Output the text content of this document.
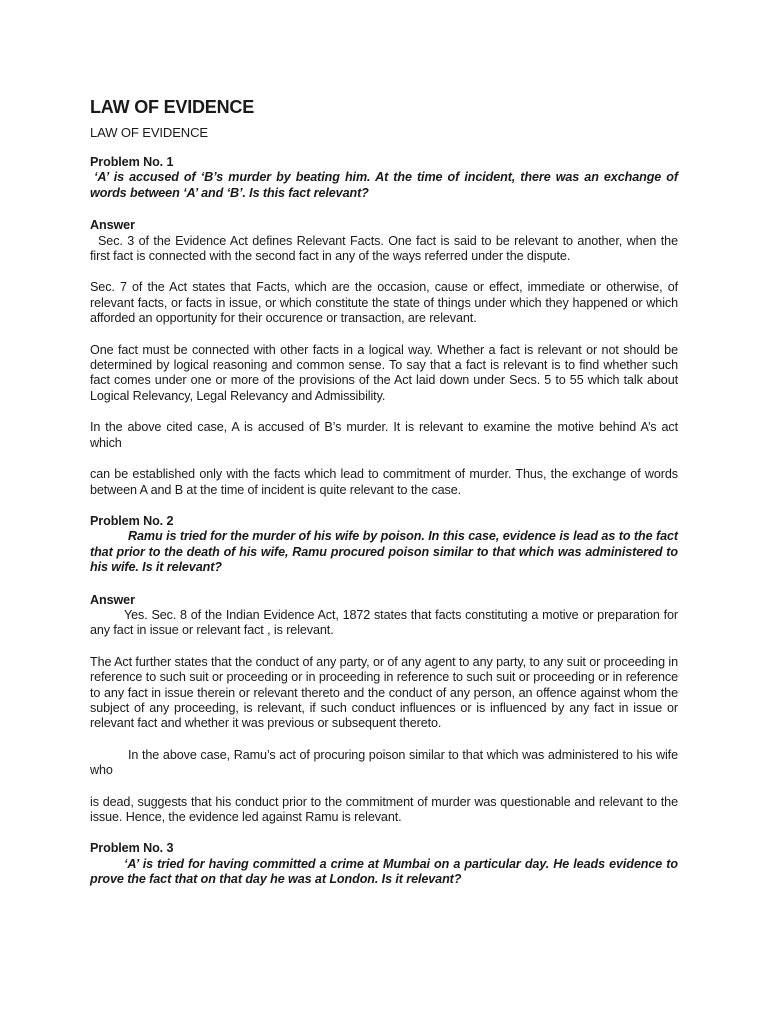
LAW OF EVIDENCE
LAW OF EVIDENCE
Problem No. 1

‘A’ is accused of ‘B’s murder by beating him. At the time of incident, there was an exchange of words between ‘A’ and ‘B’. Is this fact relevant?

Answer

Sec. 3 of the Evidence Act defines Relevant Facts. One fact is said to be relevant to another, when the first fact is connected with the second fact in any of the ways referred under the dispute.

Sec. 7 of the Act states that Facts, which are the occasion, cause or effect, immediate or otherwise, of relevant facts, or facts in issue, or which constitute the state of things under which they happened or which afforded an opportunity for their occurence or transaction, are relevant.

One fact must be connected with other facts in a logical way. Whether a fact is relevant or not should be determined by logical reasoning and common sense. To say that a fact is relevant is to find whether such fact comes under one or more of the provisions of the Act laid down under Secs. 5 to 55 which talk about Logical Relevancy, Legal Relevancy and Admissibility.

In the above cited case, A is accused of B’s murder. It is relevant to examine the motive behind A’s act which

can be established only with the facts which lead to commitment of murder. Thus, the exchange of words between A and B at the time of incident is quite relevant to the case.

Problem No. 2

Ramu is tried for the murder of his wife by poison. In this case, evidence is lead as to the fact that prior to the death of his wife, Ramu procured poison similar to that which was administered to his wife. Is it relevant?

Answer

Yes. Sec. 8 of the Indian Evidence Act, 1872 states that facts constituting a motive or preparation for any fact in issue or relevant fact , is relevant.

The Act further states that the conduct of any party, or of any agent to any party, to any suit or proceeding in reference to such suit or proceeding or in proceeding in reference to such suit or proceeding or in reference to any fact in issue therein or relevant thereto and the conduct of any person, an offence against whom the subject of any proceeding, is relevant, if such conduct influences or is influenced by any fact in issue or relevant fact and whether it was previous or subsequent thereto.

In the above case, Ramu’s act of procuring poison similar to that which was administered to his wife who

is dead, suggests that his conduct prior to the commitment of murder was questionable and relevant to the issue. Hence, the evidence led against Ramu is relevant.

Problem No. 3

‘A’ is tried for having committed a crime at Mumbai on a particular day. He leads evidence to prove the fact that on that day he was at London. Is it relevant?
